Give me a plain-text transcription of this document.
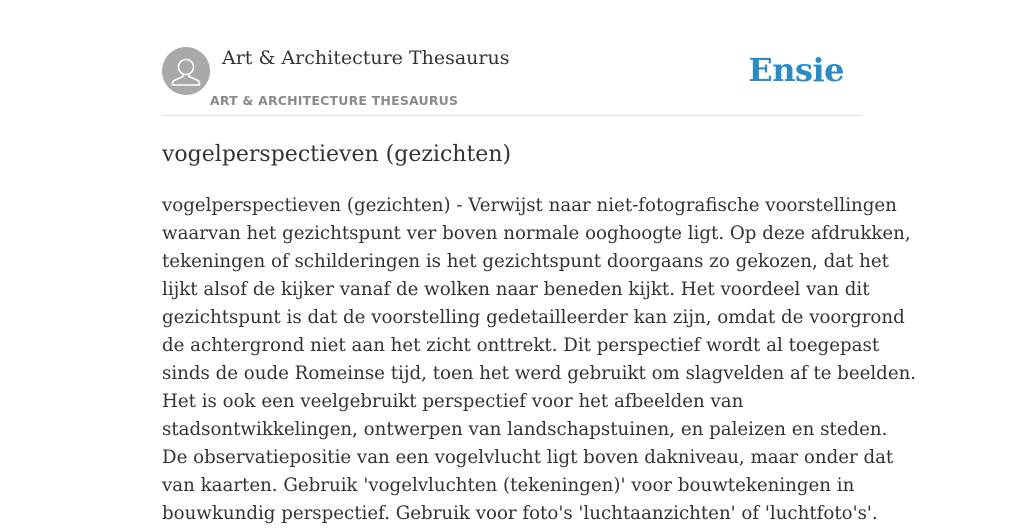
Art & Architecture Thesaurus
ART & ARCHITECTURE THESAURUS
Ensie
vogelperspectieven (gezichten)
vogelperspectieven (gezichten) - Verwijst naar niet-fotografische voorstellingen
waarvan het gezichtspunt ver boven normale ooghoogte ligt. Op deze afdrukken,
tekeningen of schilderingen is het gezichtspunt doorgaans zo gekozen, dat het
lijkt alsof de kijker vanaf de wolken naar beneden kijkt. Het voordeel van dit
gezichtspunt is dat de voorstelling gedetailleerder kan zijn, omdat de voorgrond
de achtergrond niet aan het zicht onttrekt. Dit perspectief wordt al toegepast
sinds de oude Romeinse tijd, toen het werd gebruikt om slagvelden af te beelden.
Het is ook een veelgebruikt perspectief voor het afbeelden van
stadsontwikkelingen, ontwerpen van landschapstuinen, en paleizen en steden.
De observatiepositie van een vogelvlucht ligt boven dakniveau, maar onder dat
van kaarten. Gebruik 'vogelvluchten (tekeningen)' voor bouwtekeningen in
bouwkundig perspectief. Gebruik voor foto's 'luchtaanzichten' of 'luchtfoto's'.
